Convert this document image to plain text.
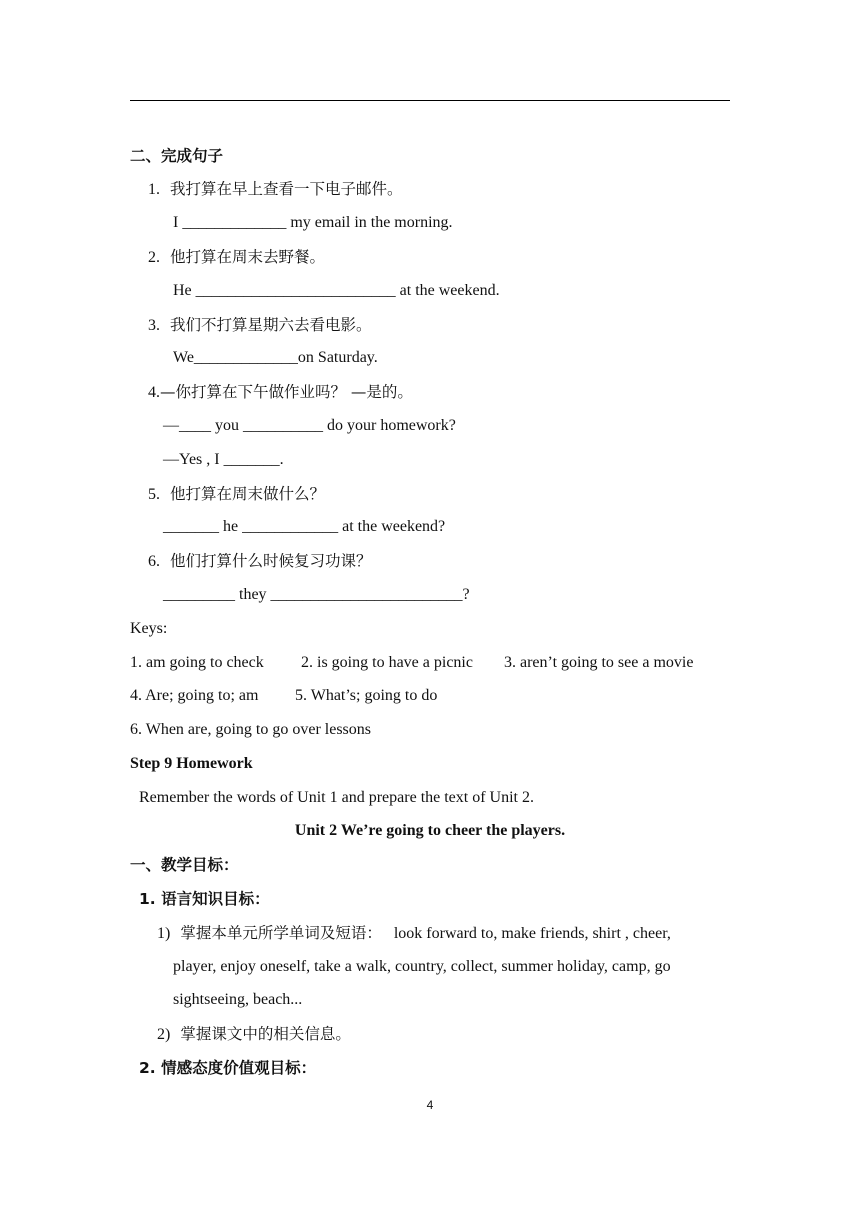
二、完成句子
1. 我打算在早上查看一下电子邮件。
I _____________ my email in the morning.
2. 他打算在周末去野餐。
He _________________________ at the weekend.
3. 我们不打算星期六去看电影。
We_____________on Saturday.
4.—你打算在下午做作业吗？ —是的。
—____ you __________ do your homework?
—Yes , I _______.
5. 他打算在周末做什么？
_______ he ____________ at the weekend?
6. 他们打算什么时候复习功课？
_________ they ________________________?
Keys:
1. am going to check 2. is going to have a picnic 3. aren’t going to see a movie
4. Are; going to; am 5. What’s; going to do
6. When are, going to go over lessons
Step 9 Homework
Remember the words of Unit 1 and prepare the text of Unit 2.
Unit 2 We’re going to cheer the players.
一、教学目标：
1. 语言知识目标：
1) 掌握本单元所学单词及短语： look forward to, make friends, shirt , cheer,
player, enjoy oneself, take a walk, country, collect, summer holiday, camp, go
sightseeing, beach...
2) 掌握课文中的相关信息。
2. 情感态度价值观目标：
4
